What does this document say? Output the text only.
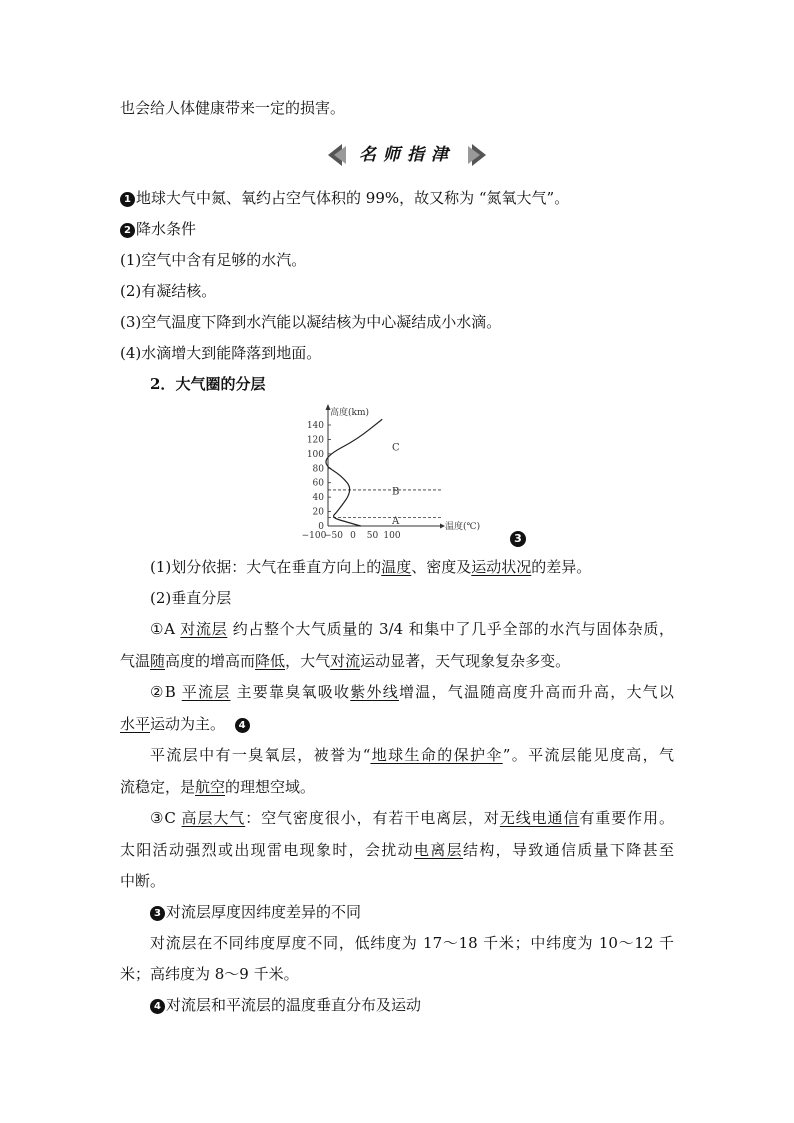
也会给人体健康带来一定的损害。
名师指津
1 地球大气中氮、氧约占空气体积的 99%，故又称为 “氮氧大气”。
2 降水条件
(1)空气中含有足够的水汽。
(2)有凝结核。
(3)空气温度下降到水汽能以凝结核为中心凝结成小水滴。
(4)水滴增大到能降落到地面。
2．大气圈的分层
高度(km)
温度(℃)
140
120
100
80
60
40
20
0
−100
−50 0 50 100
A
B
C
3
(1)划分依据：大气在垂直方向上的温度、密度及运动状况的差异。
(2)垂直分层
①A 对流层 约占整个大气质量的 3/4 和集中了几乎全部的水汽与固体杂质，
气温随高度的增高而降低，大气对流运动显著，天气现象复杂多变。
②B 平流层 主要靠臭氧吸收紫外线增温，气温随高度升高而升高，大气以
水平运动为主。 4
平流层中有一臭氧层，被誉为“地球生命的保护伞”。平流层能见度高，气
流稳定，是航空的理想空域。
③C 高层大气：空气密度很小，有若干电离层，对无线电通信有重要作用。
太阳活动强烈或出现雷电现象时，会扰动电离层结构，导致通信质量下降甚至
中断。
3 对流层厚度因纬度差异的不同
对流层在不同纬度厚度不同，低纬度为 17～18 千米；中纬度为 10～12 千
米；高纬度为 8～9 千米。
4 对流层和平流层的温度垂直分布及运动
